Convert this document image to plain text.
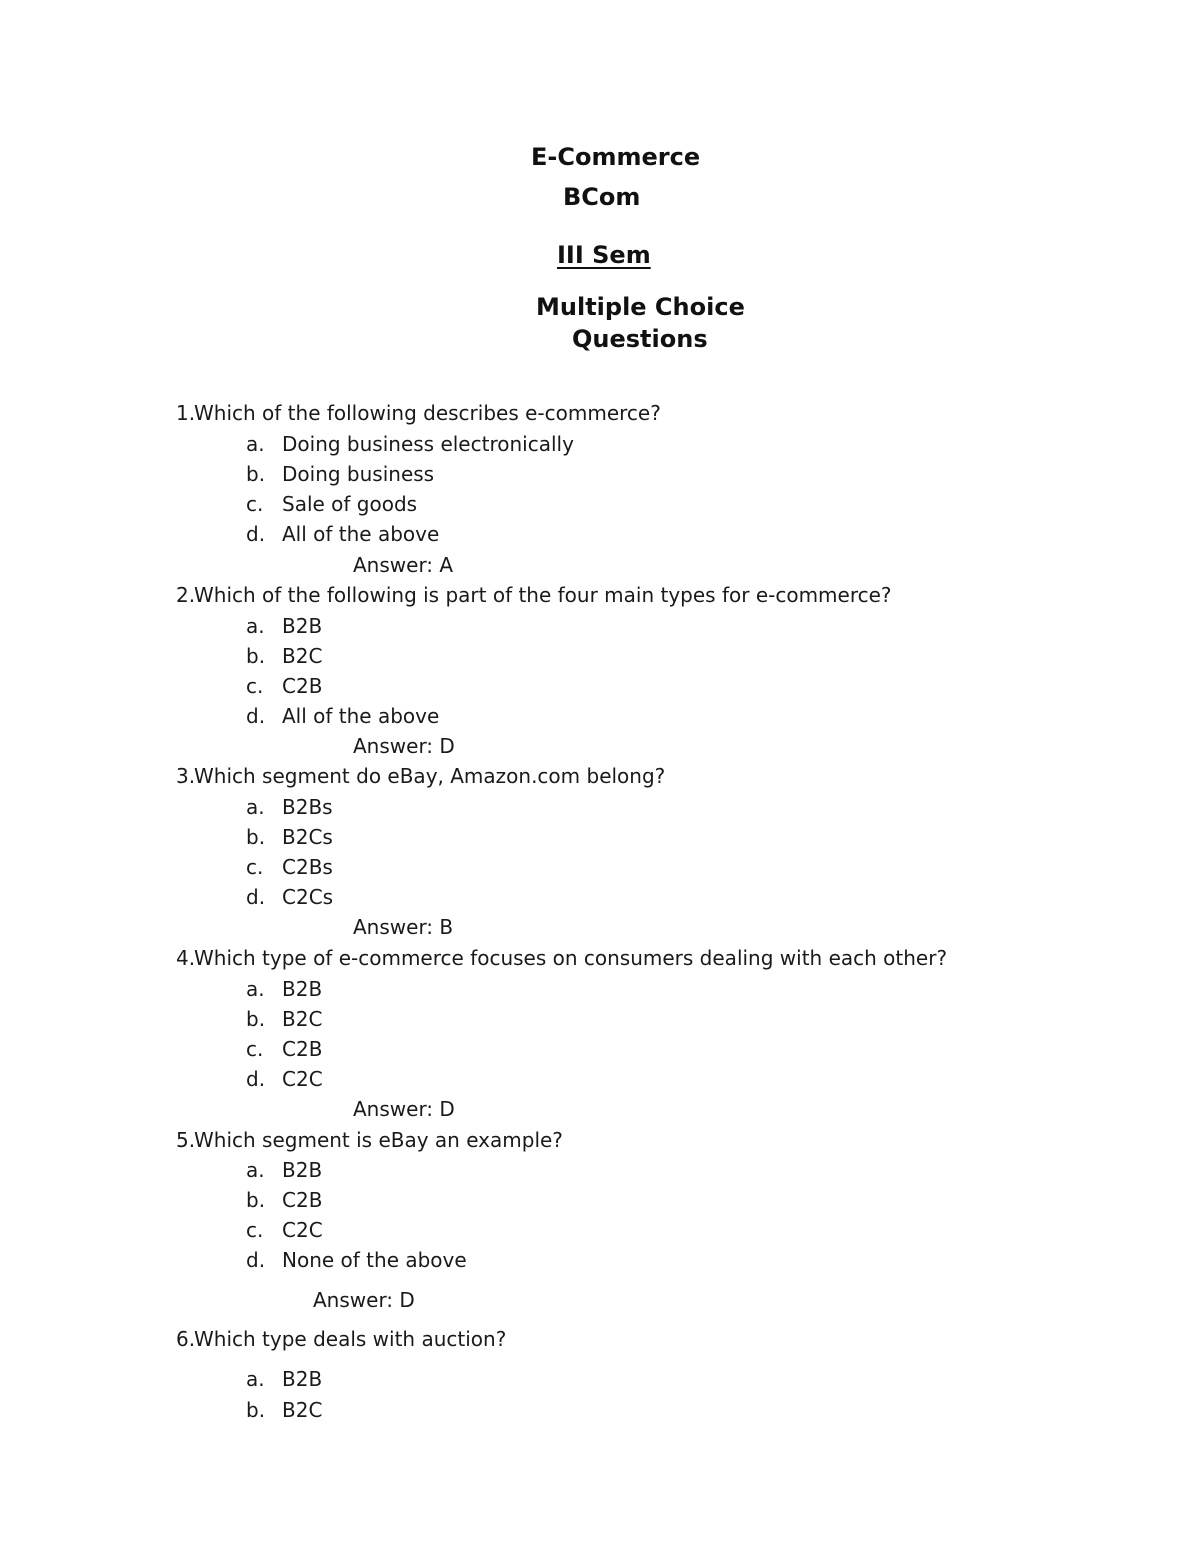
E-Commerce
BCom
III Sem
Multiple Choice
Questions
1.
Which of the following describes e-commerce?
a. Doing business electronically
b. Doing business
c. Sale of goods
d. All of the above
Answer: A
2.
Which of the following is part of the four main types for e-commerce?
a. B2B
b. B2C
c. C2B
d. All of the above
Answer: D
3.
Which segment do eBay, Amazon.com belong?
a. B2Bs
b. B2Cs
c. C2Bs
d. C2Cs
Answer: B
4.
Which type of e-commerce focuses on consumers dealing with each other?
a. B2B
b. B2C
c. C2B
d. C2C
Answer: D
5.
Which segment is eBay an example?
a. B2B
b. C2B
c. C2C
d. None of the above
Answer: D
6.
Which type deals with auction?
a. B2B
b. B2C
